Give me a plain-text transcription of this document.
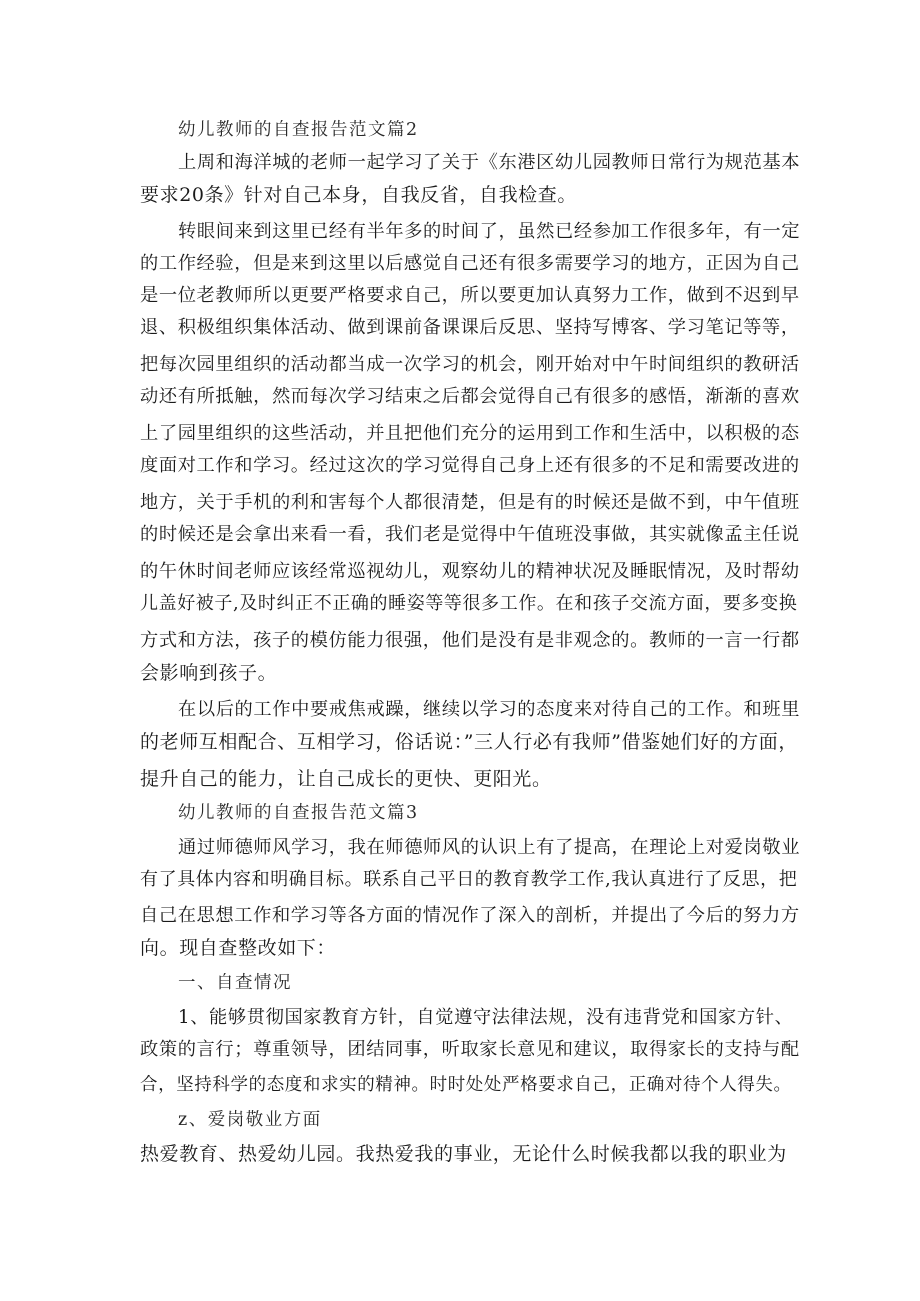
幼儿教师的自查报告范文篇2
上周和海洋城的老师一起学习了关于《东港区幼儿园教师日常行为规范基本
要求20条》针对自己本身，自我反省，自我检查。
转眼间来到这里已经有半年多的时间了，虽然已经参加工作很多年，有一定
的工作经验，但是来到这里以后感觉自己还有很多需要学习的地方，正因为自己
是一位老教师所以更要严格要求自己，所以要更加认真努力工作，做到不迟到早
退、积极组织集体活动、做到课前备课课后反思、坚持写博客、学习笔记等等，
把每次园里组织的活动都当成一次学习的机会，刚开始对中午时间组织的教研活
动还有所抵触，然而每次学习结束之后都会觉得自己有很多的感悟，渐渐的喜欢
上了园里组织的这些活动，并且把他们充分的运用到工作和生活中，以积极的态
度面对工作和学习。经过这次的学习觉得自己身上还有很多的不足和需要改进的
地方，关于手机的利和害每个人都很清楚，但是有的时候还是做不到，中午值班
的时候还是会拿出来看一看，我们老是觉得中午值班没事做，其实就像孟主任说
的午休时间老师应该经常巡视幼儿，观察幼儿的精神状况及睡眠情况，及时帮幼
儿盖好被子,及时纠正不正确的睡姿等等很多工作。在和孩子交流方面，要多变换
方式和方法，孩子的模仿能力很强，他们是没有是非观念的。教师的一言一行都
会影响到孩子。
在以后的工作中要戒焦戒躁，继续以学习的态度来对待自己的工作。和班里
的老师互相配合、互相学习，俗话说：”三人行必有我师”借鉴她们好的方面，
提升自己的能力，让自己成长的更快、更阳光。
幼儿教师的自查报告范文篇3
通过师德师风学习，我在师德师风的认识上有了提高，在理论上对爱岗敬业
有了具体内容和明确目标。联系自己平日的教育教学工作,我认真进行了反思，把
自己在思想工作和学习等各方面的情况作了深入的剖析，并提出了今后的努力方
向。现自查整改如下：
一、自查情况
1、能够贯彻国家教育方针，自觉遵守法律法规，没有违背党和国家方针、
政策的言行；尊重领导，团结同事，听取家长意见和建议，取得家长的支持与配
合，坚持科学的态度和求实的精神。时时处处严格要求自己，正确对待个人得失。
z、爱岗敬业方面
热爱教育、热爱幼儿园。我热爱我的事业，无论什么时候我都以我的职业为
